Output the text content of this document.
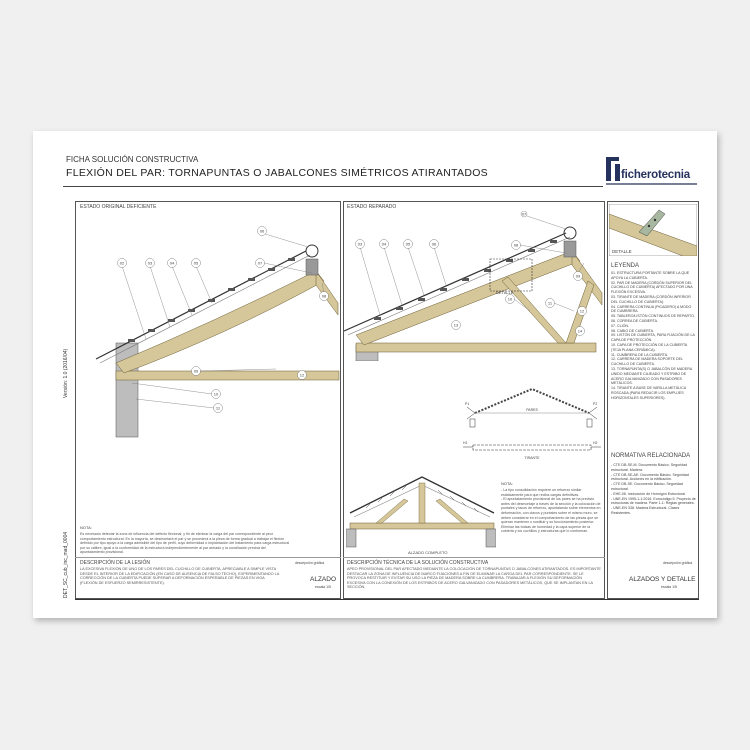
FICHA SOLUCIÓN CONSTRUCTIVA
FLEXIÓN DEL PAR: TORNAPUNTAS O JABALCONES SIMÉTRICOS ATIRANTADOS	ficherotecnia
Versión: 1.0 (2016/04)
DET_SC_cub_inc_mad_0004
ESTADO ORIGINAL DEFICIENTE	ESTADO REPARADO
02	03	04	05
06
07
08
09
10
11
12
03	04	05	06
07
08
09
10
11
12
13
14
DETALLE
PARES
TIRANTE
P1
H1
P2
H2
ALZADO COMPLETO
DETALLE
LEYENDA
01. ESTRUCTURA PORTANTE SOBRE LA QUE APOYA LA CUBIERTA.
02. PAR DE MADERA (CORDÓN SUPERIOR DEL CUCHILLO DE CUBIERTA) AFECTADO POR UNA FLEXIÓN EXCESIVA.
03. TIRANTE DE MADERA (CORDÓN INFERIOR DEL CUCHILLO DE CUBIERTA).
04. CARRERA CONTINUA (PICADERO) A MODO DE CUMBRERA.
05. TABLERO/LISTÓN CONTINUOS DE REPARTO.
06. CORREA DE CUBIERTA.
07. CLIÓN.
08. CABIO DE CUBIERTA.
09. LISTÓN DE CUBIERTA, PARA FIJACIÓN DE LA CAPA DE PROTECCIÓN.
10. CAPA DE PROTECCIÓN DE LA CUBIERTA (TEJA PLANA CERÁMICA).
11. CUMBRERA DE LA CUBIERTA.
12. CARRERA DE MADERA SOPORTE DEL CUCHILLO DE CUBIERTA.
13. TORNAPUNTA(S) O JABALCÓN DE MADERA UNIDO MEDIANTE CAJEADO Y ESTRIBO DE ACERO GALVANIZADO CON PASADORES METÁLICOS.
14. TIRANTE A BASE DE VARILLA METÁLICA ROSCADA (PARA REDUCIR LOS EMPUJES HORIZONTALES SUPERIORES).
NORMATIVA RELACIONADA
- CTE DB-SE-M. Documento Básico. Seguridad estructural. Madera.
- CTE DB-SE-AE. Documento Básico. Seguridad estructural. Acciones en la edificación.
- CTE DB-SE. Documento Básico. Seguridad estructural.
- EHE-08. Instrucción de Hormigón Estructural.
- UNE-EN 1995-1-1:2016. Eurocódigo 5. Proyecto de estructuras de madera. Parte 1-1: Reglas generales.
- UNE-EN 338. Madera Estructural. Clases Resistentes.
NOTA:
Es necesario detectar la zona de influencia del defecto flexional, y fin de eliminar la carga del par correspondiente al peor comportamiento estructural. En la mayoría, se desmontará el par y se procederá a la pieza de forma gradual a trabajar el flexión definido por tipo apoyo a la carga admisible del tipo de perfil, cuyo deformidad o implantación del tratamiento para carga estructural por su calibre, igual a la conformidad de la estructura independientemente al par armado y la conciliación precisa del apuntalamiento provisional.
DESCRIPCIÓN DE LA LESIÓN
LA EXCESIVA FLEXIÓN DE UNO DE LOS PARES DEL CUCHILLO DE CUBIERTA, APRECIABLE A SIMPLE VISTA DESDE EL INTERIOR DE LA EDIFICACIÓN (EN CASO DE AUSENCIA DE FALSO TECHO), EXPERIMENTANDO LA CORRECCIÓN DE LA CUBIERTA PUEDE SUPERAR A DEFORMACIÓN ESPERABLE DE PIEZAS EN VIGA (FLEXIÓN DE ESFUERZO SEMIRRESISTENTE).
descripción gráfica
ALZADO
escala 1/5
NOTA:
- La tipo consolidación requiere un refuerzo similar estáticamente para que reciba cargas definitivas.
- El apuntalamiento provisional de los pares se ha previsto antes del desmontaje a través de la sección y la colocación de puntales y tacos de refuerzo, apuntalando sobre elementos en deformación, con clavos y puntales sobre el mismo muro, se deben considerar en el comportamiento de las piezas que se quieran mantener o sustituir y su funcionamiento posterior. Eliminar las bolsas de humedad y la capa superior de la cubierta y los cuchillos y estructuras que lo conforman.
DESCRIPCIÓN TÉCNICA DE LA SOLUCIÓN CONSTRUCTIVA
APEO PROVISIONAL DEL PAR AFECTADO MEDIANTE LA COLOCACIÓN DE TORNAPUNTAS O JABALCONES ATIRANTADOS. ES IMPORTANTE DESTACAR LA ZONA DE INFLUENCIA DE MARCO FIJACIONES A FIN DE ELIMINAR LA CARGA DEL PAR CORRESPONDIENTE. SE LE PROVOCA RESTITUIR Y EVITAR SU USO LA PIEZA DE MADERA SOBRE LA CUMBRERA. TRABAJAR A FLEXIÓN SU DEFORMACIÓN EXCESIVA CON LA CONEXIÓN DE LOS ESTRIBOS DE ACERO GALVANIZADO CON PASADORES METÁLICOS, QUE SE IMPLANTAN EN LA SECCIÓN.
descripción gráfica
ALZADOS Y DETALLE
escala 1/5
